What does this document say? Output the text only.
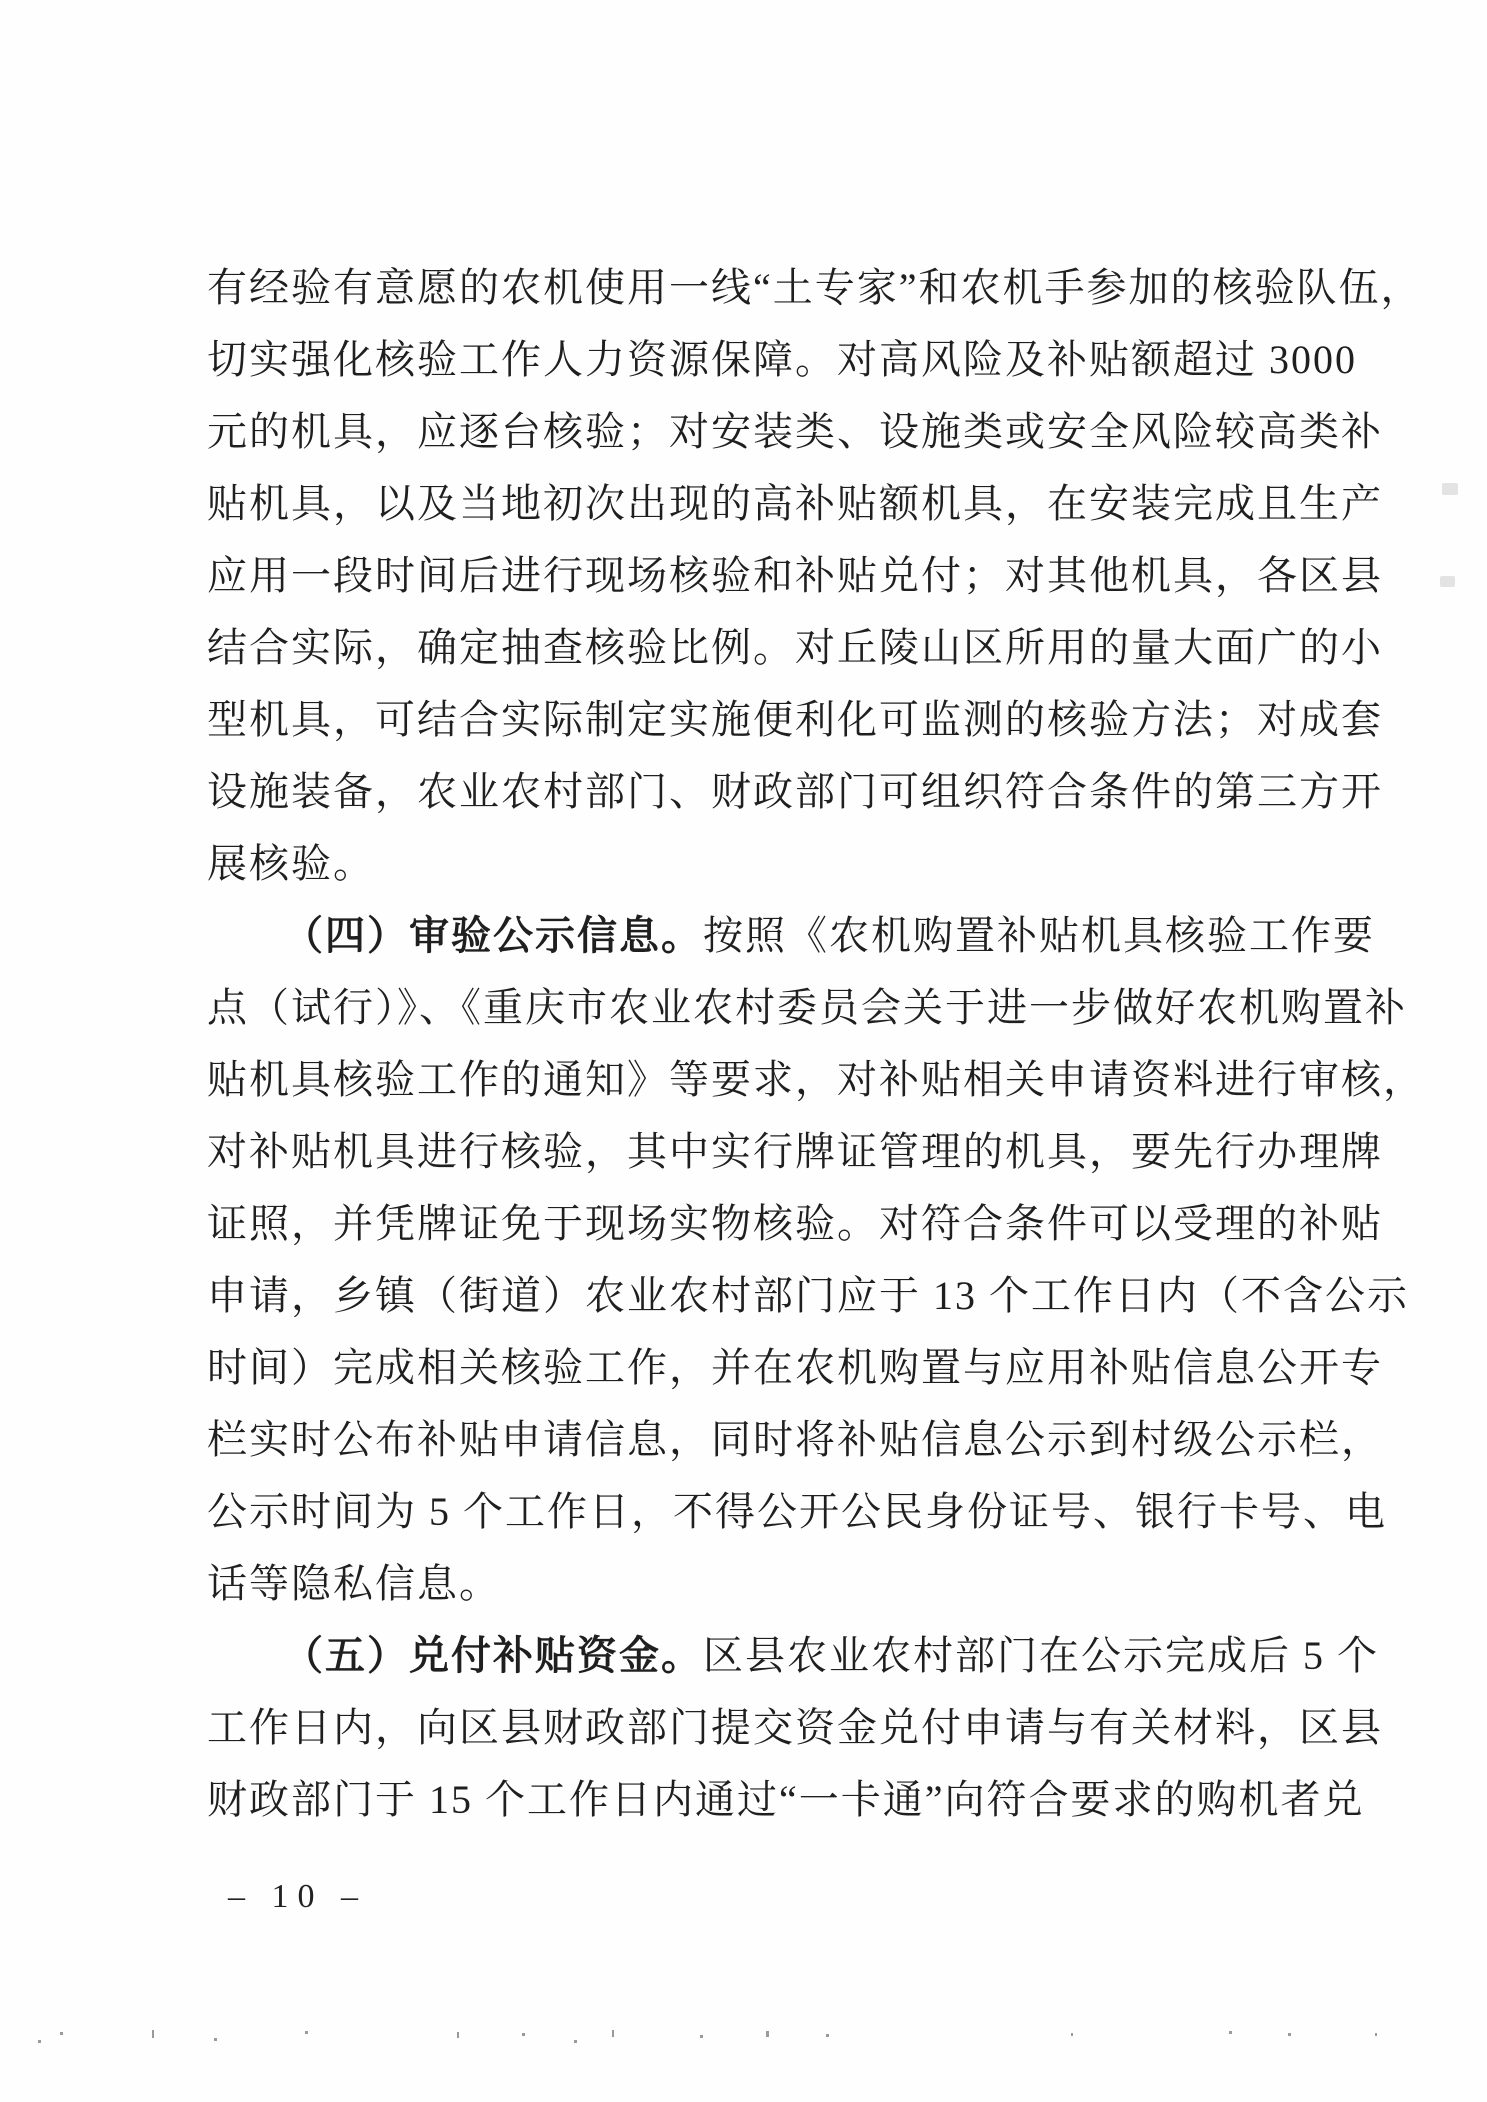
有经验有意愿的农机使用一线“土专家”和农机手参加的核验队伍，
切实强化核验工作人力资源保障。对高风险及补贴额超过 3000
元的机具，应逐台核验；对安装类、设施类或安全风险较高类补
贴机具，以及当地初次出现的高补贴额机具，在安装完成且生产
应用一段时间后进行现场核验和补贴兑付；对其他机具，各区县
结合实际，确定抽查核验比例。对丘陵山区所用的量大面广的小
型机具，可结合实际制定实施便利化可监测的核验方法；对成套
设施装备，农业农村部门、财政部门可组织符合条件的第三方开
展核验。
（四）审验公示信息。按照《农机购置补贴机具核验工作要
点（试行）》、《重庆市农业农村委员会关于进一步做好农机购置补
贴机具核验工作的通知》等要求，对补贴相关申请资料进行审核，
对补贴机具进行核验，其中实行牌证管理的机具，要先行办理牌
证照，并凭牌证免于现场实物核验。对符合条件可以受理的补贴
申请，乡镇（街道）农业农村部门应于 13 个工作日内（不含公示
时间）完成相关核验工作，并在农机购置与应用补贴信息公开专
栏实时公布补贴申请信息，同时将补贴信息公示到村级公示栏，
公示时间为 5 个工作日，不得公开公民身份证号、银行卡号、电
话等隐私信息。
（五）兑付补贴资金。区县农业农村部门在公示完成后 5 个
工作日内，向区县财政部门提交资金兑付申请与有关材料，区县
财政部门于 15 个工作日内通过“一卡通”向符合要求的购机者兑
– 10 –
